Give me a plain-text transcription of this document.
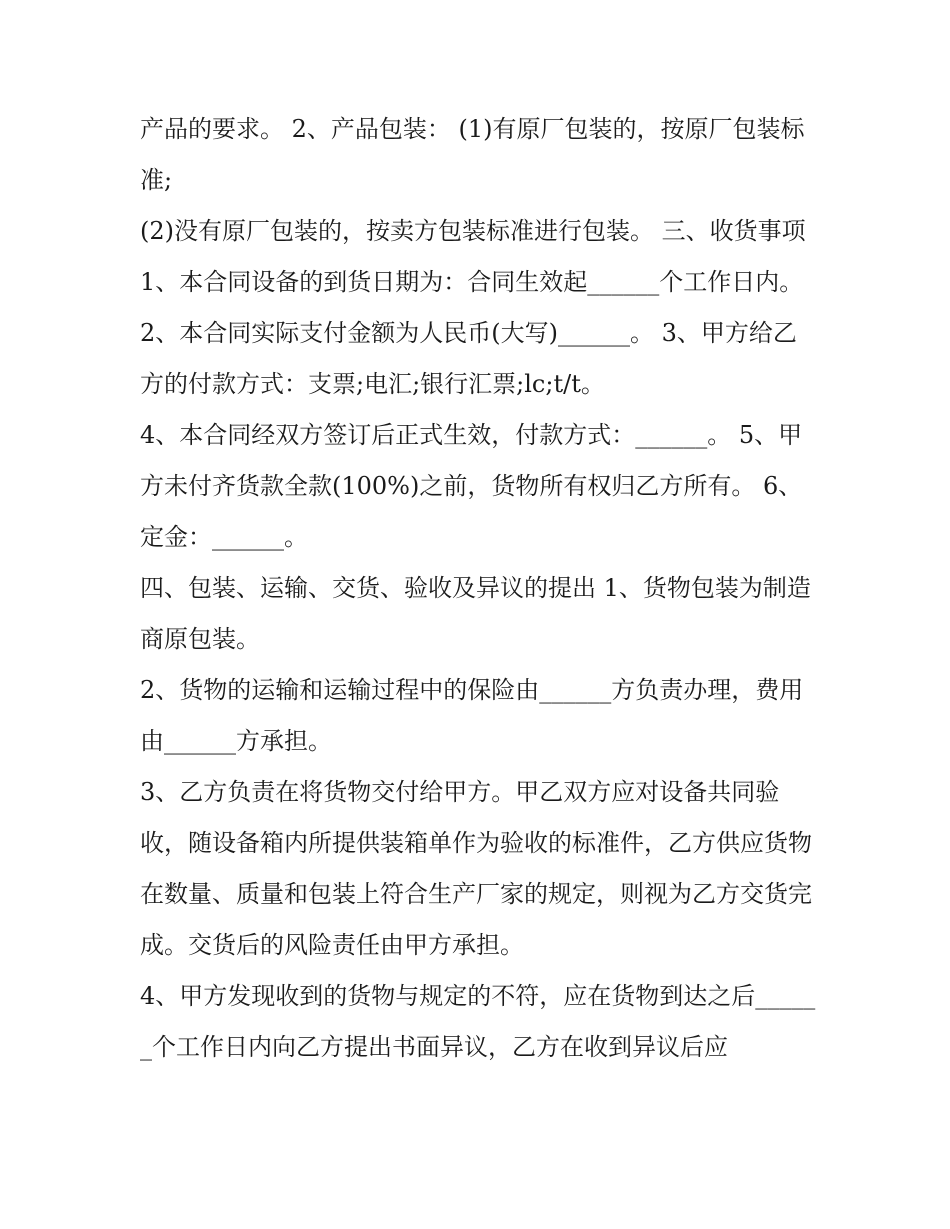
产品的要求。 2、产品包装： (1)有原厂包装的，按原厂包装标准;

(2)没有原厂包装的，按卖方包装标准进行包装。 三、收货事项 1、本合同设备的到货日期为：合同生效起______个工作日内。

2、本合同实际支付金额为人民币(大写)______。 3、甲方给乙方的付款方式：支票;电汇;银行汇票;lc;t/t。

4、本合同经双方签订后正式生效，付款方式：______。 5、甲方未付齐货款全款(100%)之前，货物所有权归乙方所有。 6、定金：______。

四、包装、运输、交货、验收及异议的提出 1、货物包装为制造商原包装。

2、货物的运输和运输过程中的保险由______方负责办理，费用由______方承担。

3、乙方负责在将货物交付给甲方。甲乙双方应对设备共同验收，随设备箱内所提供装箱单作为验收的标准件，乙方供应货物在数量、质量和包装上符合生产厂家的规定，则视为乙方交货完成。交货后的风险责任由甲方承担。

4、甲方发现收到的货物与规定的不符，应在货物到达之后______个工作日内向乙方提出书面异议，乙方在收到异议后应
